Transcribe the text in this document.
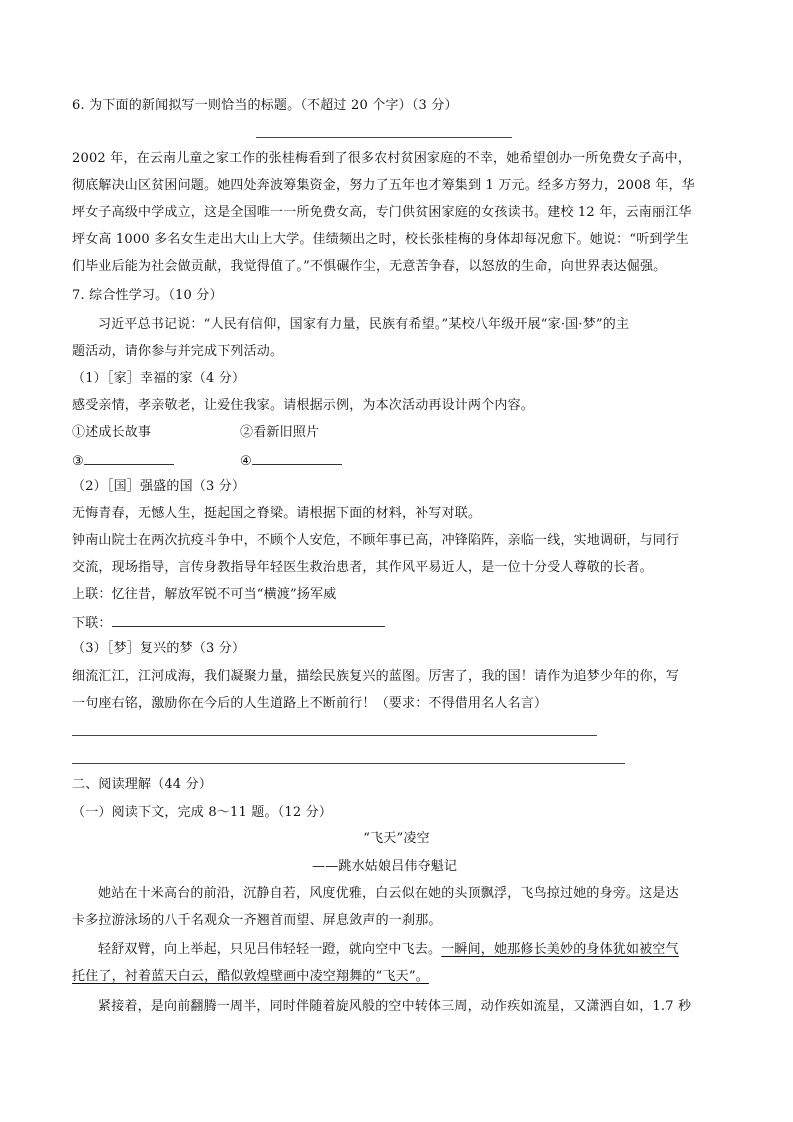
6. 为下面的新闻拟写一则恰当的标题。（不超过 20 个字）（3 分）
2002 年，在云南儿童之家工作的张桂梅看到了很多农村贫困家庭的不幸，她希望创办一所免费女子高中，
彻底解决山区贫困问题。她四处奔波筹集资金，努力了五年也才筹集到 1 万元。经多方努力，2008 年，华
坪女子高级中学成立，这是全国唯一一所免费女高，专门供贫困家庭的女孩读书。建校 12 年，云南丽江华
坪女高 1000 多名女生走出大山上大学。佳绩频出之时，校长张桂梅的身体却每况愈下。她说：“听到学生
们毕业后能为社会做贡献，我觉得值了。”不惧碾作尘，无意苦争春，以怒放的生命，向世界表达倔强。
7. 综合性学习。（10 分）
习近平总书记说：“人民有信仰，国家有力量，民族有希望。”某校八年级开展“家·国·梦”的主
题活动，请你参与并完成下列活动。
（1）［家］幸福的家（4 分）
感受亲情，孝亲敬老，让爱住我家。请根据示例，为本次活动再设计两个内容。
①述成长故事	②看新旧照片
③	④
（2）［国］强盛的国（3 分）
无悔青春，无憾人生，挺起国之脊梁。请根据下面的材料，补写对联。
钟南山院士在两次抗疫斗争中，不顾个人安危，不顾年事已高，冲锋陷阵，亲临一线，实地调研，与同行
交流，现场指导，言传身教指导年轻医生救治患者，其作风平易近人，是一位十分受人尊敬的长者。
上联：忆往昔，解放军锐不可当“横渡”扬军威
下联：
（3）［梦］复兴的梦（3 分）
细流汇江，江河成海，我们凝聚力量，描绘民族复兴的蓝图。厉害了，我的国！请作为追梦少年的你，写
一句座右铭，激励你在今后的人生道路上不断前行！（要求：不得借用名人名言）
二、阅读理解（44 分）
（一）阅读下文，完成 8～11 题。（12 分）
“飞天”凌空
——跳水姑娘吕伟夺魁记
她站在十米高台的前沿，沉静自若，风度优雅，白云似在她的头顶飘浮，飞鸟掠过她的身旁。这是达
卡多拉游泳场的八千名观众一齐翘首而望、屏息敛声的一刹那。
轻舒双臂，向上举起，只见吕伟轻轻一蹬，就向空中飞去。一瞬间，她那修长美妙的身体犹如被空气
托住了，衬着蓝天白云，酷似敦煌壁画中凌空翔舞的“飞天”。
紧接着，是向前翻腾一周半，同时伴随着旋风般的空中转体三周，动作疾如流星，又潇洒自如，1.7 秒
